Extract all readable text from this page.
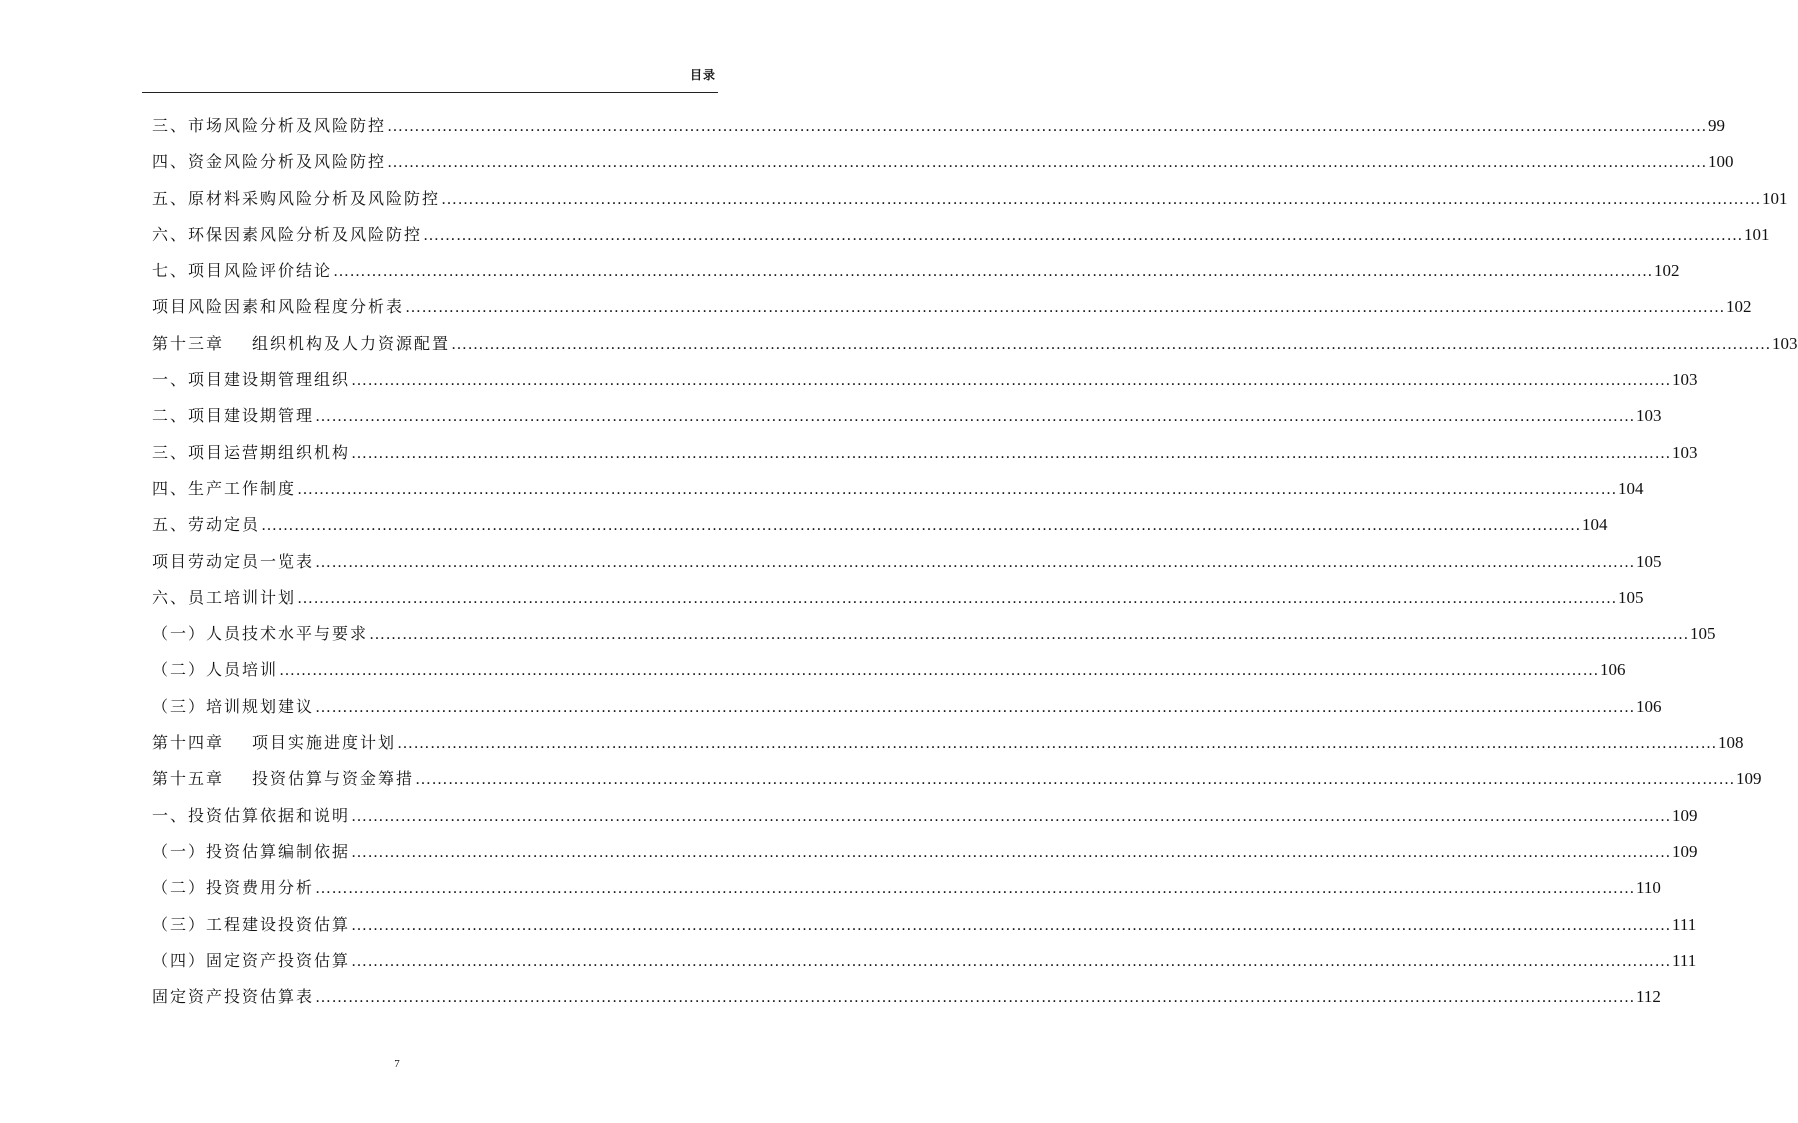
目录
三、市场风险分析及风险防控 …………………………………………………………………………………………………………………………………………………………………………………………………………………… 99
四、资金风险分析及风险防控 …………………………………………………………………………………………………………………………………………………………………………………………………………………… 100
五、原材料采购风险分析及风险防控 …………………………………………………………………………………………………………………………………………………………………………………………………………………… 101
六、环保因素风险分析及风险防控 …………………………………………………………………………………………………………………………………………………………………………………………………………………… 101
七、项目风险评价结论 …………………………………………………………………………………………………………………………………………………………………………………………………………………… 102
项目风险因素和风险程度分析表 …………………………………………………………………………………………………………………………………………………………………………………………………………………… 102
第十三章 组织机构及人力资源配置 …………………………………………………………………………………………………………………………………………………………………………………………………………………… 103
一、项目建设期管理组织 …………………………………………………………………………………………………………………………………………………………………………………………………………………… 103
二、项目建设期管理 …………………………………………………………………………………………………………………………………………………………………………………………………………………… 103
三、项目运营期组织机构 …………………………………………………………………………………………………………………………………………………………………………………………………………………… 103
四、生产工作制度 …………………………………………………………………………………………………………………………………………………………………………………………………………………… 104
五、劳动定员 …………………………………………………………………………………………………………………………………………………………………………………………………………………… 104
项目劳动定员一览表 …………………………………………………………………………………………………………………………………………………………………………………………………………………… 105
六、员工培训计划 …………………………………………………………………………………………………………………………………………………………………………………………………………………… 105
（一）人员技术水平与要求 …………………………………………………………………………………………………………………………………………………………………………………………………………………… 105
（二）人员培训 …………………………………………………………………………………………………………………………………………………………………………………………………………………… 106
（三）培训规划建议 …………………………………………………………………………………………………………………………………………………………………………………………………………………… 106
第十四章 项目实施进度计划 …………………………………………………………………………………………………………………………………………………………………………………………………………………… 108
第十五章 投资估算与资金筹措 …………………………………………………………………………………………………………………………………………………………………………………………………………………… 109
一、投资估算依据和说明 …………………………………………………………………………………………………………………………………………………………………………………………………………………… 109
（一）投资估算编制依据 …………………………………………………………………………………………………………………………………………………………………………………………………………………… 109
（二）投资费用分析 …………………………………………………………………………………………………………………………………………………………………………………………………………………… 110
（三）工程建设投资估算 …………………………………………………………………………………………………………………………………………………………………………………………………………………… 111
（四）固定资产投资估算 …………………………………………………………………………………………………………………………………………………………………………………………………………………… 111
固定资产投资估算表 …………………………………………………………………………………………………………………………………………………………………………………………………………………… 112
7
